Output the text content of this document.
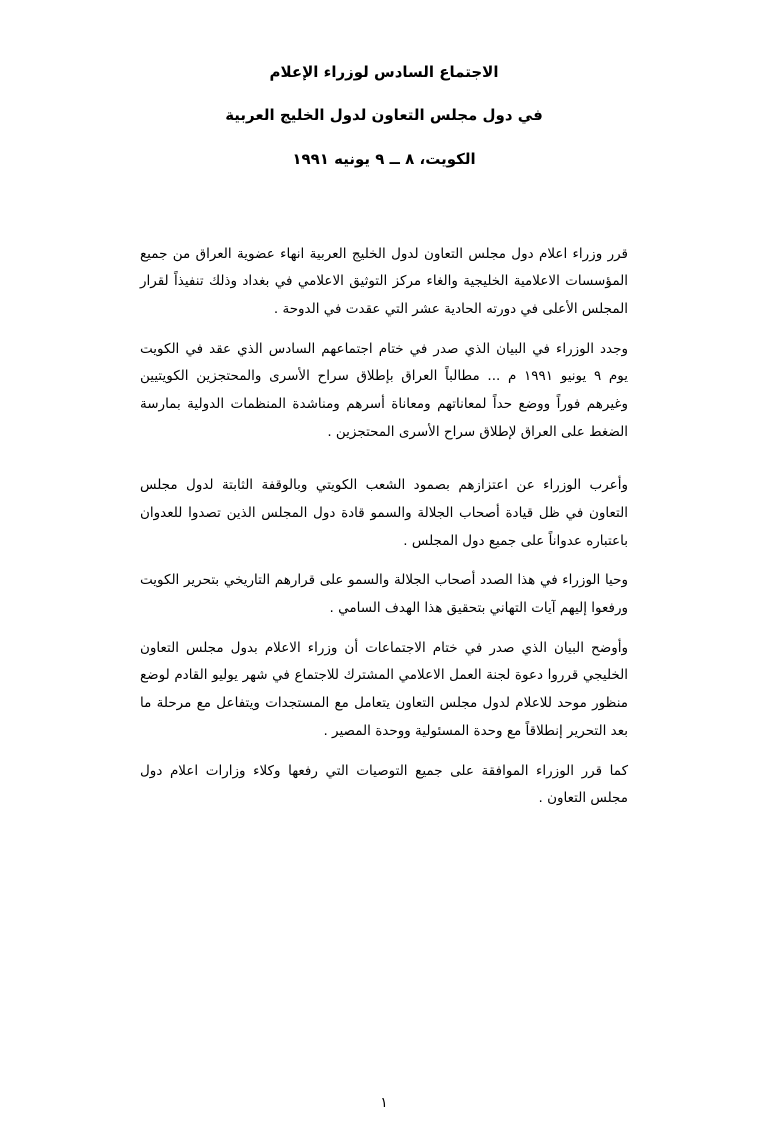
الاجتماع السادس لوزراء الإعلام
في دول مجلس التعاون لدول الخليج العربية
الكويت، ٨ ــ ٩ يونيه ١٩٩١

قرر وزراء اعلام دول مجلس التعاون لدول الخليج العربية انهاء عضوية العراق من جميع المؤسسات الاعلامية الخليجية والغاء مركز التوثيق الاعلامي في بغداد وذلك تنفيذاً لقرار المجلس الأعلى في دورته الحادية عشر التي عقدت في الدوحة .

وجدد الوزراء في البيان الذي صدر في ختام اجتماعهم السادس الذي عقد في الكويت يوم ٩ يونيو ١٩٩١ م ... مطالباً العراق بإطلاق سراح الأسرى والمحتجزين الكويتيين وغيرهم فوراً ووضع حداً لمعاناتهم ومعاناة أسرهم ومناشدة المنظمات الدولية بمارسة الضغط على العراق لإطلاق سراح الأسرى المحتجزين .

وأعرب الوزراء عن اعتزازهم بصمود الشعب الكويتي وبالوقفة الثابتة لدول مجلس التعاون في ظل قيادة أصحاب الجلالة والسمو قادة دول المجلس الذين تصدوا للعدوان باعتباره عدواناً على جميع دول المجلس .

وحيا الوزراء في هذا الصدد أصحاب الجلالة والسمو على قرارهم التاريخي بتحرير الكويت ورفعوا إليهم آيات التهاني بتحقيق هذا الهدف السامي .

وأوضح البيان الذي صدر في ختام الاجتماعات أن وزراء الاعلام بدول مجلس التعاون الخليجي قرروا دعوة لجنة العمل الاعلامي المشترك للاجتماع في شهر يوليو القادم لوضع منظور موحد للاعلام لدول مجلس التعاون يتعامل مع المستجدات ويتفاعل مع مرحلة ما بعد التحرير إنطلاقاً مع وحدة المسئولية ووحدة المصير .

كما قرر الوزراء الموافقة على جميع التوصيات التي رفعها وكلاء وزارات اعلام دول مجلس التعاون .

١
